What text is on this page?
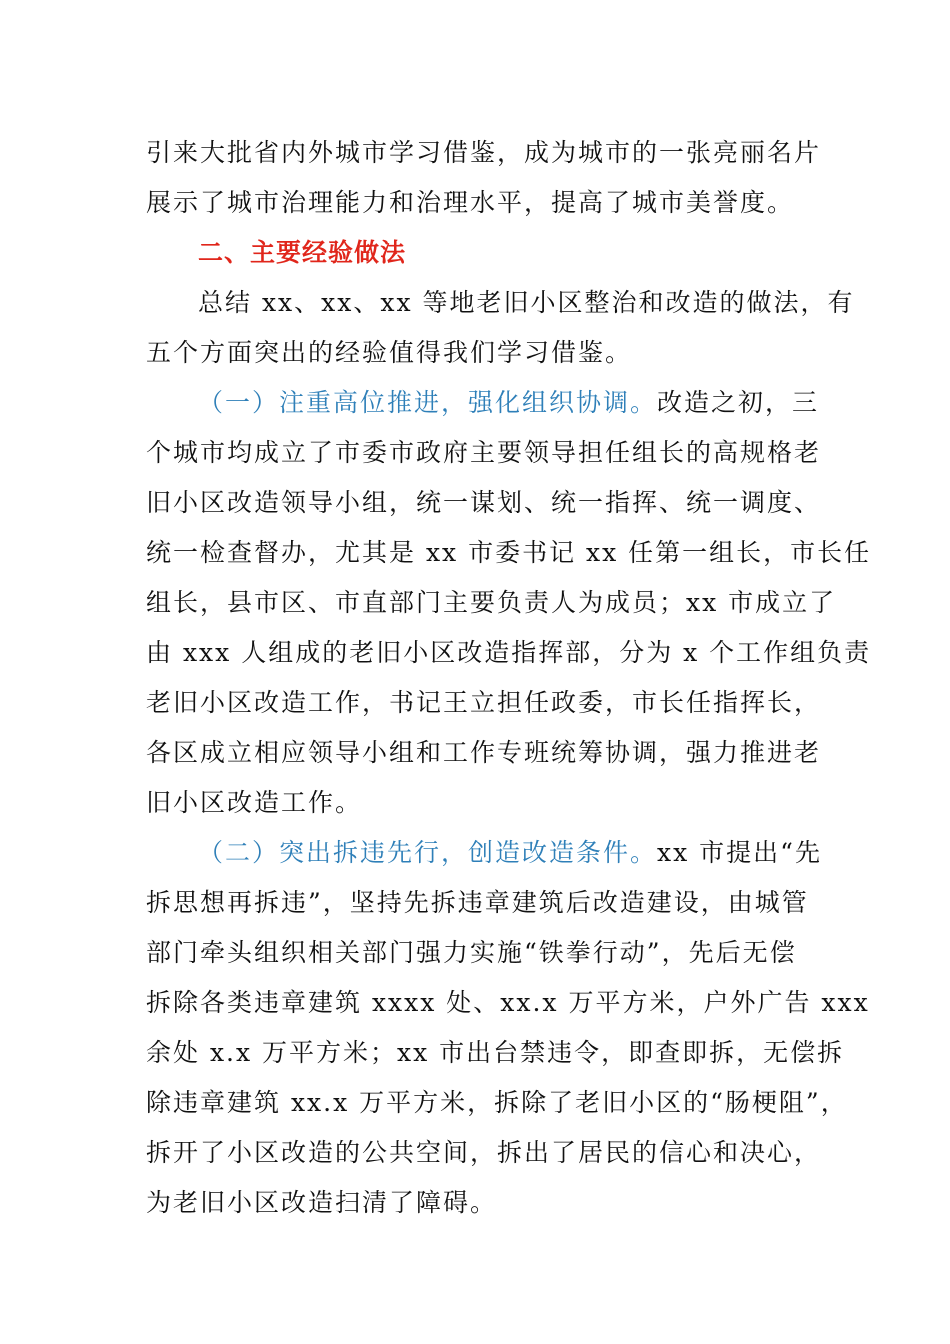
引来大批省内外城市学习借鉴，成为城市的一张亮丽名片
展示了城市治理能力和治理水平，提高了城市美誉度。
二、主要经验做法
总结 xx、xx、xx 等地老旧小区整治和改造的做法，有
五个方面突出的经验值得我们学习借鉴。
（一）注重高位推进，强化组织协调。改造之初，三
个城市均成立了市委市政府主要领导担任组长的高规格老
旧小区改造领导小组，统一谋划、统一指挥、统一调度、
统一检查督办，尤其是 xx 市委书记 xx 任第一组长，市长任
组长，县市区、市直部门主要负责人为成员；xx 市成立了
由 xxx 人组成的老旧小区改造指挥部，分为 x 个工作组负责
老旧小区改造工作，书记王立担任政委，市长任指挥长，
各区成立相应领导小组和工作专班统筹协调，强力推进老
旧小区改造工作。
（二）突出拆违先行，创造改造条件。xx 市提出“先
拆思想再拆违”，坚持先拆违章建筑后改造建设，由城管
部门牵头组织相关部门强力实施“铁拳行动”，先后无偿
拆除各类违章建筑 xxxx 处、xx.x 万平方米，户外广告 xxx
余处 x.x 万平方米；xx 市出台禁违令，即查即拆，无偿拆
除违章建筑 xx.x 万平方米，拆除了老旧小区的“肠梗阻”，
拆开了小区改造的公共空间，拆出了居民的信心和决心，
为老旧小区改造扫清了障碍。
